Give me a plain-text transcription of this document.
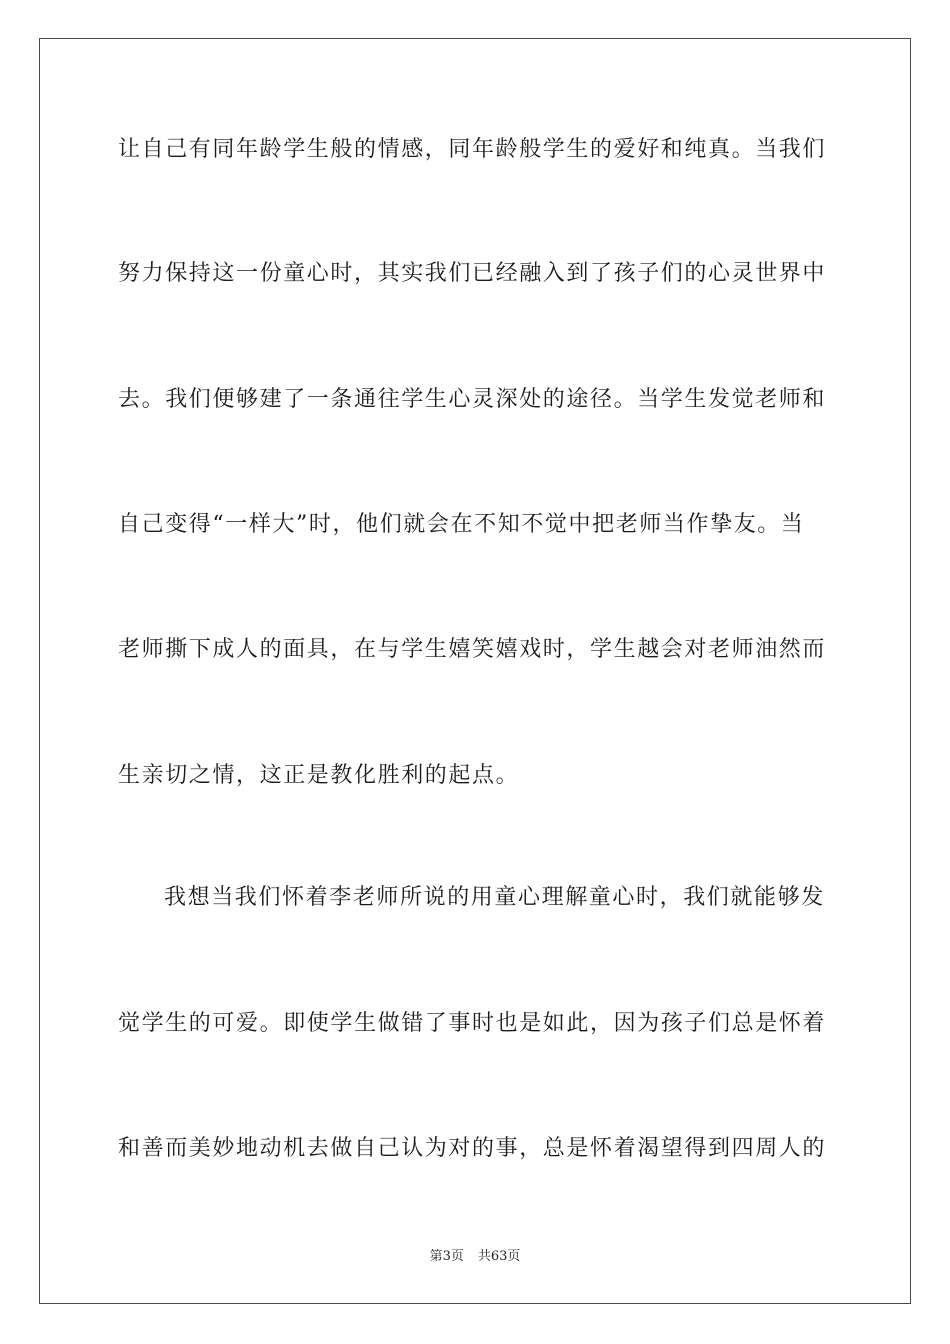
让自己有同年龄学生般的情感，同年龄般学生的爱好和纯真。当我们
努力保持这一份童心时，其实我们已经融入到了孩子们的心灵世界中
去。我们便够建了一条通往学生心灵深处的途径。当学生发觉老师和
自己变得“一样大”时，他们就会在不知不觉中把老师当作挚友。当
老师撕下成人的面具，在与学生嬉笑嬉戏时，学生越会对老师油然而
生亲切之情，这正是教化胜利的起点。
我想当我们怀着李老师所说的用童心理解童心时，我们就能够发
觉学生的可爱。即使学生做错了事时也是如此，因为孩子们总是怀着
和善而美妙地动机去做自己认为对的事，总是怀着渴望得到四周人的
第3页 共63页
